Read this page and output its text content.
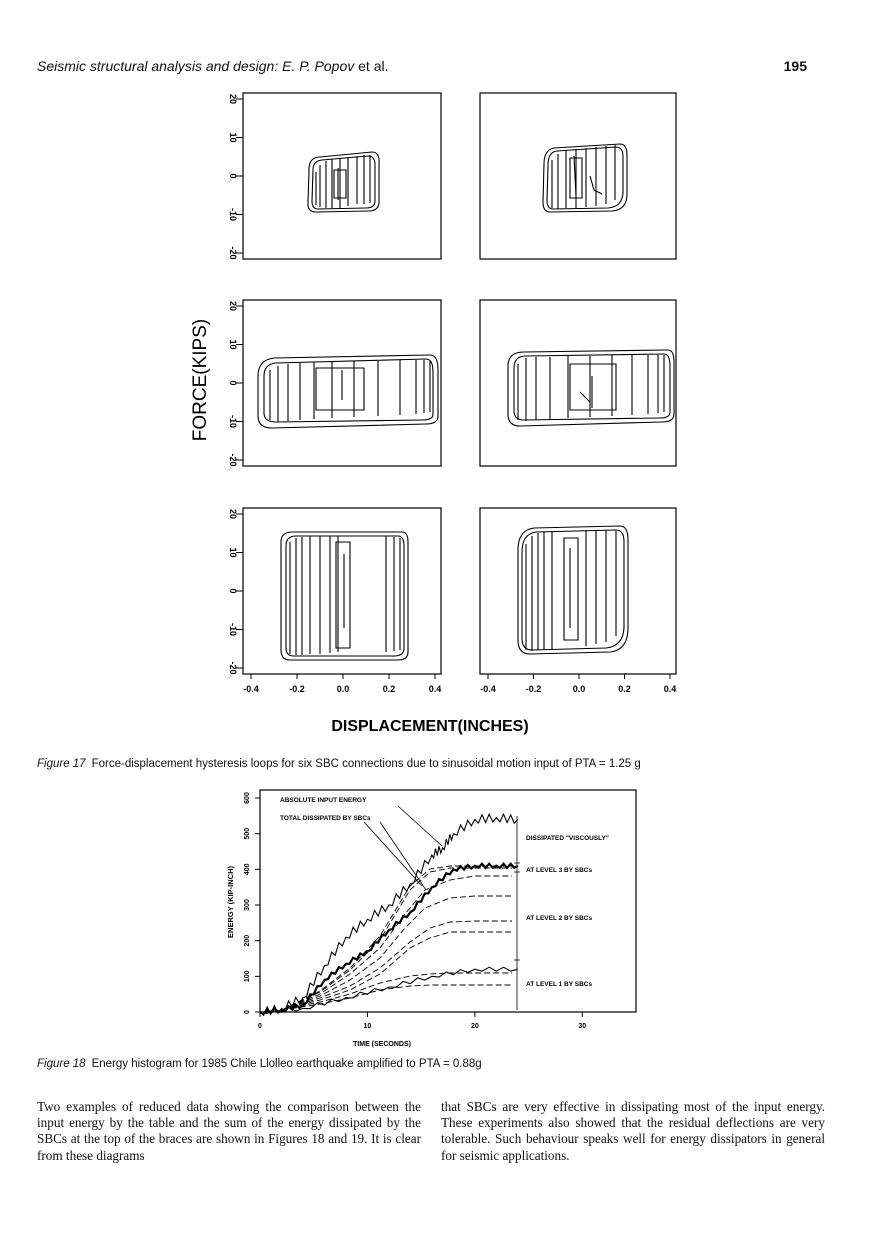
Seismic structural analysis and design: E. P. Popov et al.	195
FORCE(KIPS)
20
10
0
-10
-20
20
10
0
-10
-20
20
10
0
-10
-20
-0.4	-0.2	0.0	0.2	0.4	-0.4	-0.2	0.0	0.2	0.4
DISPLACEMENT(INCHES)
Figure 17 Force-displacement hysteresis loops for six SBC connections due to sinusoidal motion input of PTA = 1.25 g
ENERGY (KIP-INCH)
0
100
200
300
400
500
600
0	10	20	30
TIME (SECONDS)
ABSOLUTE INPUT ENERGY
TOTAL DISSIPATED BY SBCs
DISSIPATED "VISCOUSLY"
AT LEVEL 3 BY SBCs
AT LEVEL 2 BY SBCs
AT LEVEL 1 BY SBCs
Figure 18 Energy histogram for 1985 Chile Llolleo earthquake amplified to PTA = 0.88g

Two examples of reduced data showing the comparison between the input energy by the table and the sum of the energy dissipated by the SBCs at the top of the braces are shown in Figures 18 and 19. It is clear from these diagrams

that SBCs are very effective in dissipating most of the input energy. These experiments also showed that the residual deflections are very tolerable. Such behaviour speaks well for energy dissipators in general for seismic applications.
